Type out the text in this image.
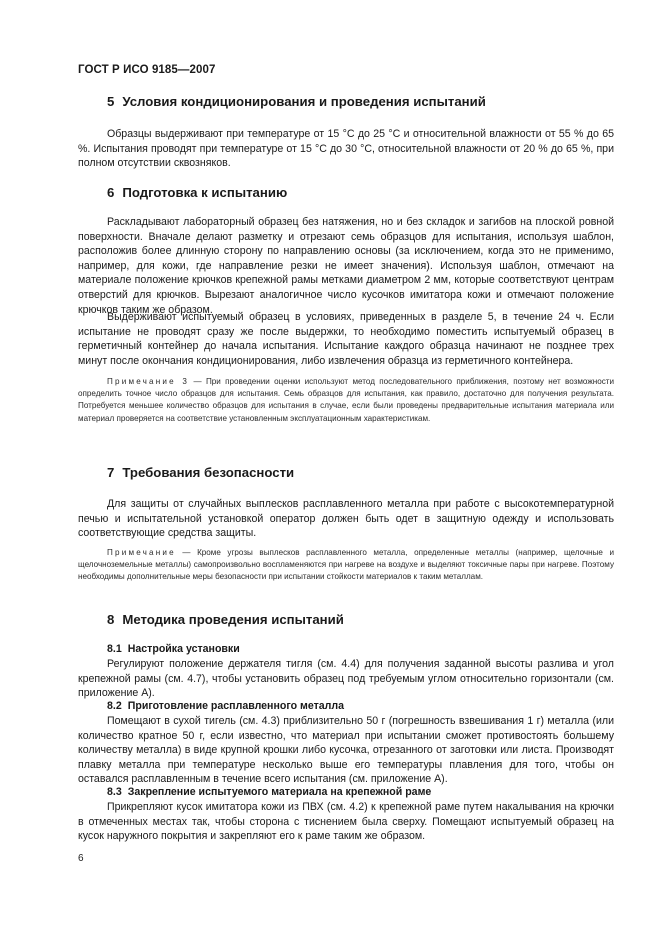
ГОСТ Р ИСО 9185—2007
5 Условия кондиционирования и проведения испытаний

Образцы выдерживают при температуре от 15 °С до 25 °С и относительной влажности от 55 % до 65 %. Испытания проводят при температуре от 15 °С до 30 °С, относительной влажности от 20 % до 65 %, при полном отсутствии сквозняков.

6 Подготовка к испытанию

Раскладывают лабораторный образец без натяжения, но и без складок и загибов на плоской ровной поверхности. Вначале делают разметку и отрезают семь образцов для испытания, используя шаблон, расположив более длинную сторону по направлению основы (за исключением, когда это не применимо, например, для кожи, где направление резки не имеет значения). Используя шаблон, отмечают на материале положение крючков крепежной рамы метками диаметром 2 мм, которые соответствуют центрам отверстий для крючков. Вырезают аналогичное число кусочков имитатора кожи и отмечают положение крючков таким же образом.

Выдерживают испытуемый образец в условиях, приведенных в разделе 5, в течение 24 ч. Если испытание не проводят сразу же после выдержки, то необходимо поместить испытуемый образец в герметичный контейнер до начала испытания. Испытание каждого образца начинают не позднее трех минут после окончания кондиционирования, либо извлечения образца из герметичного контейнера.

Примечание 3 — При проведении оценки используют метод последовательного приближения, поэтому нет возможности определить точное число образцов для испытания. Семь образцов для испытания, как правило, достаточно для получения результата. Потребуется меньшее количество образцов для испытания в случае, если были проведены предварительные испытания материала или материал проверяется на соответствие установленным эксплуатационным характеристикам.

7 Требования безопасности

Для защиты от случайных выплесков расплавленного металла при работе с высокотемпературной печью и испытательной установкой оператор должен быть одет в защитную одежду и использовать соответствующие средства защиты.

Примечание — Кроме угрозы выплесков расплавленного металла, определенные металлы (например, щелочные и щелочноземельные металлы) самопроизвольно воспламеняются при нагреве на воздухе и выделяют токсичные пары при нагреве. Поэтому необходимы дополнительные меры безопасности при испытании стойкости материалов к таким металлам.

8 Методика проведения испытаний
8.1 Настройка установки

Регулируют положение держателя тигля (см. 4.4) для получения заданной высоты разлива и угол крепежной рамы (см. 4.7), чтобы установить образец под требуемым углом относительно горизонтали (см. приложение А).

8.2 Приготовление расплавленного металла

Помещают в сухой тигель (см. 4.3) приблизительно 50 г (погрешность взвешивания 1 г) металла (или количество кратное 50 г, если известно, что материал при испытании сможет противостоять большему количеству металла) в виде крупной крошки либо кусочка, отрезанного от заготовки или листа. Производят плавку металла при температуре несколько выше его температуры плавления для того, чтобы он оставался расплавленным в течение всего испытания (см. приложение А).

8.3 Закрепление испытуемого материала на крепежной раме

Прикрепляют кусок имитатора кожи из ПВХ (см. 4.2) к крепежной раме путем накалывания на крючки в отмеченных местах так, чтобы сторона с тиснением была сверху. Помещают испытуемый образец на кусок наружного покрытия и закрепляют его к раме таким же образом.

6
